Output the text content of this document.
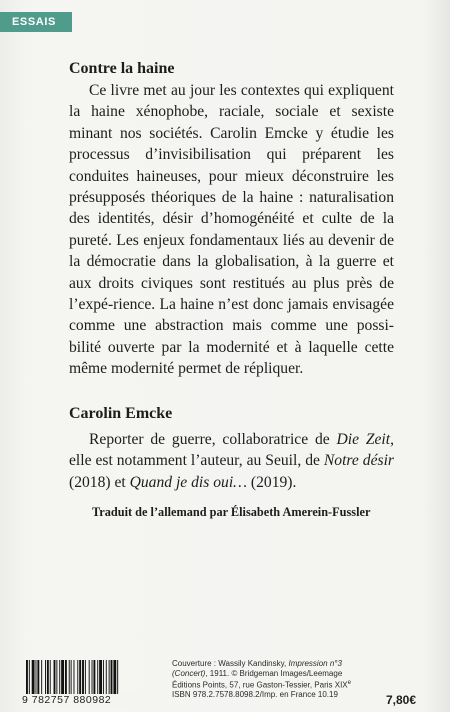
ESSAIS
Contre la haine

Ce livre met au jour les contextes qui expliquent la haine xénophobe, raciale, sociale et sexiste minant nos sociétés. Carolin Emcke y étudie les processus d’invisibilisation qui préparent les conduites haineuses, pour mieux déconstruire les présupposés théoriques de la haine : naturalisation des identités, désir d’homogénéité et culte de la pureté. Les enjeux fondamentaux liés au devenir de la démocratie dans la globalisation, à la guerre et aux droits civiques sont restitués au plus près de l’expé-rience. La haine n’est donc jamais envisagée comme une abstraction mais comme une possi-bilité ouverte par la modernité et à laquelle cette même modernité permet de répliquer.

Carolin Emcke

Reporter de guerre, collaboratrice de Die Zeit, elle est notamment l’auteur, au Seuil, de Notre désir (2018) et Quand je dis oui… (2019).

Traduit de l’allemand par Élisabeth Amerein-Fussler
9 782757 880982
Couverture : Wassily Kandinsky, Impression n°3
(Concert), 1911. © Bridgeman Images/Leemage
Éditions Points, 57, rue Gaston-Tessier, Paris XIXe
ISBN 978.2.7578.8098.2/Imp. en France 10.19	7,80€
